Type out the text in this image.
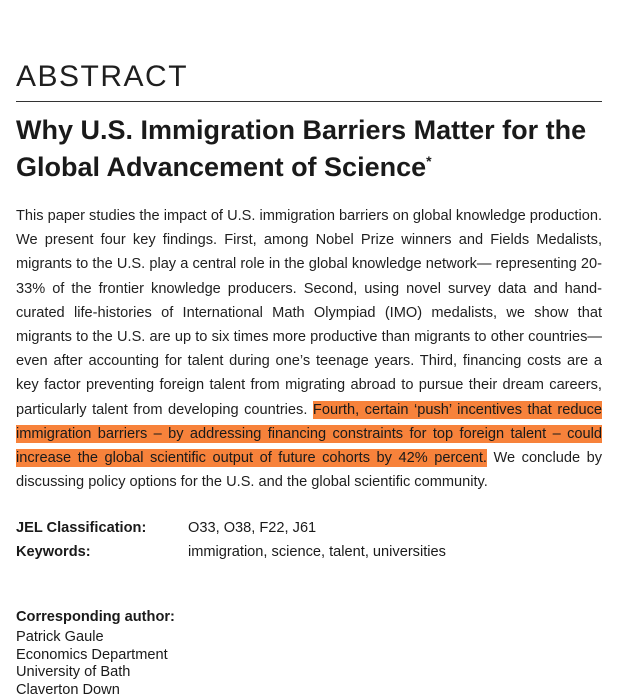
ABSTRACT
Why U.S. Immigration Barriers Matter for the Global Advancement of Science*
This paper studies the impact of U.S. immigration barriers on global knowledge production. We present four key findings. First, among Nobel Prize winners and Fields Medalists, migrants to the U.S. play a central role in the global knowledge network— representing 20-33% of the frontier knowledge producers. Second, using novel survey data and hand-curated life-histories of International Math Olympiad (IMO) medalists, we show that migrants to the U.S. are up to six times more productive than migrants to other countries—even after accounting for talent during one’s teenage years. Third, financing costs are a key factor preventing foreign talent from migrating abroad to pursue their dream careers, particularly talent from developing countries. Fourth, certain ‘push’ incentives that reduce immigration barriers – by addressing financing constraints for top foreign talent – could increase the global scientific output of future cohorts by 42% percent. We conclude by discussing policy options for the U.S. and the global scientific community.
JEL Classification:	O33, O38, F22, J61
Keywords:	immigration, science, talent, universities
Corresponding author:
Patrick Gaule
Economics Department
University of Bath
Claverton Down
